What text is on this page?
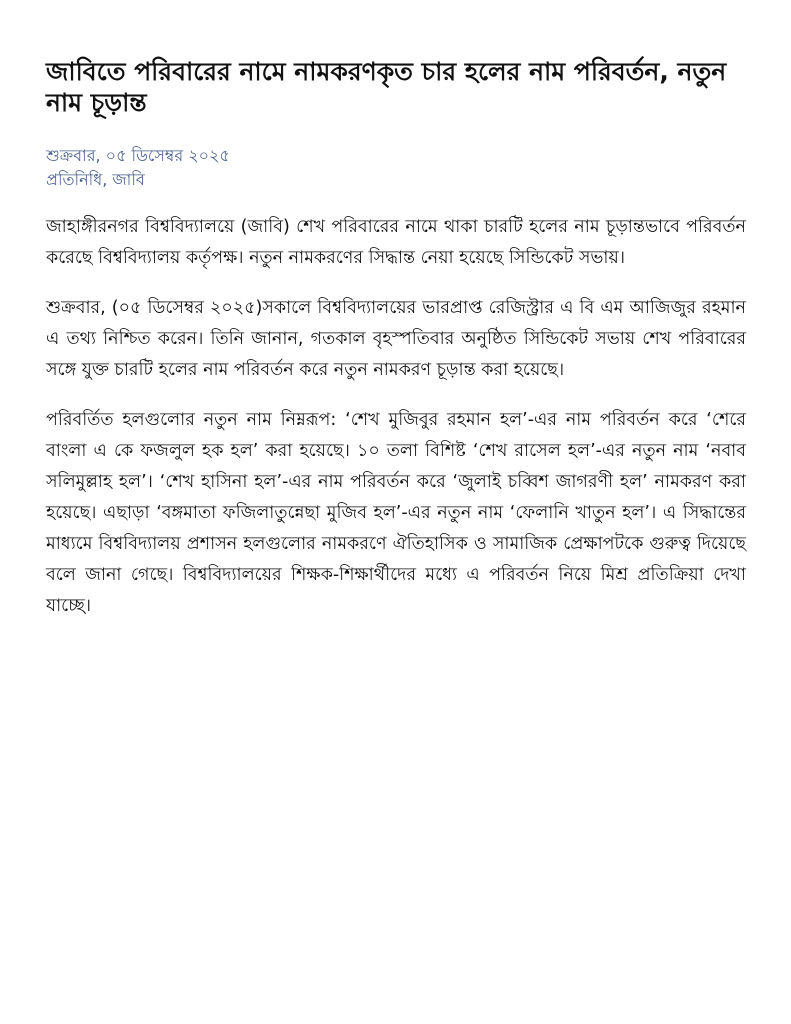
জাবিতে পরিবারের নামে নামকরণকৃত চার হলের নাম পরিবর্তন, নতুন নাম চূড়ান্ত
শুক্রবার, ০৫ ডিসেম্বর ২০২৫
প্রতিনিধি, জাবি

জাহাঙ্গীরনগর বিশ্ববিদ্যালয়ে (জাবি) শেখ পরিবারের নামে থাকা চারটি হলের নাম চূড়ান্তভাবে পরিবর্তন করেছে বিশ্ববিদ্যালয় কর্তৃপক্ষ। নতুন নামকরণের সিদ্ধান্ত নেয়া হয়েছে সিন্ডিকেট সভায়।

শুক্রবার, (০৫ ডিসেম্বর ২০২৫)সকালে বিশ্ববিদ্যালয়ের ভারপ্রাপ্ত রেজিস্ট্রার এ বি এম আজিজুর রহমান এ তথ্য নিশ্চিত করেন। তিনি জানান, গতকাল বৃহস্পতিবার অনুষ্ঠিত সিন্ডিকেট সভায় শেখ পরিবারের সঙ্গে যুক্ত চারটি হলের নাম পরিবর্তন করে নতুন নামকরণ চূড়ান্ত করা হয়েছে।

পরিবর্তিত হলগুলোর নতুন নাম নিম্নরূপ: ‘শেখ মুজিবুর রহমান হল’-এর নাম পরিবর্তন করে ‘শেরে বাংলা এ কে ফজলুল হক হল’ করা হয়েছে। ১০ তলা বিশিষ্ট ‘শেখ রাসেল হল’-এর নতুন নাম ‘নবাব সলিমুল্লাহ হল’। ‘শেখ হাসিনা হল’-এর নাম পরিবর্তন করে ‘জুলাই চব্বিশ জাগরণী হল’ নামকরণ করা হয়েছে। এছাড়া ‘বঙ্গমাতা ফজিলাতুন্নেছা মুজিব হল’-এর নতুন নাম ‘ফেলানি খাতুন হল’। এ সিদ্ধান্তের মাধ্যমে বিশ্ববিদ্যালয় প্রশাসন হলগুলোর নামকরণে ঐতিহাসিক ও সামাজিক প্রেক্ষাপটকে গুরুত্ব দিয়েছে বলে জানা গেছে। বিশ্ববিদ্যালয়ের শিক্ষক-শিক্ষার্থীদের মধ্যে এ পরিবর্তন নিয়ে মিশ্র প্রতিক্রিয়া দেখা যাচ্ছে।
